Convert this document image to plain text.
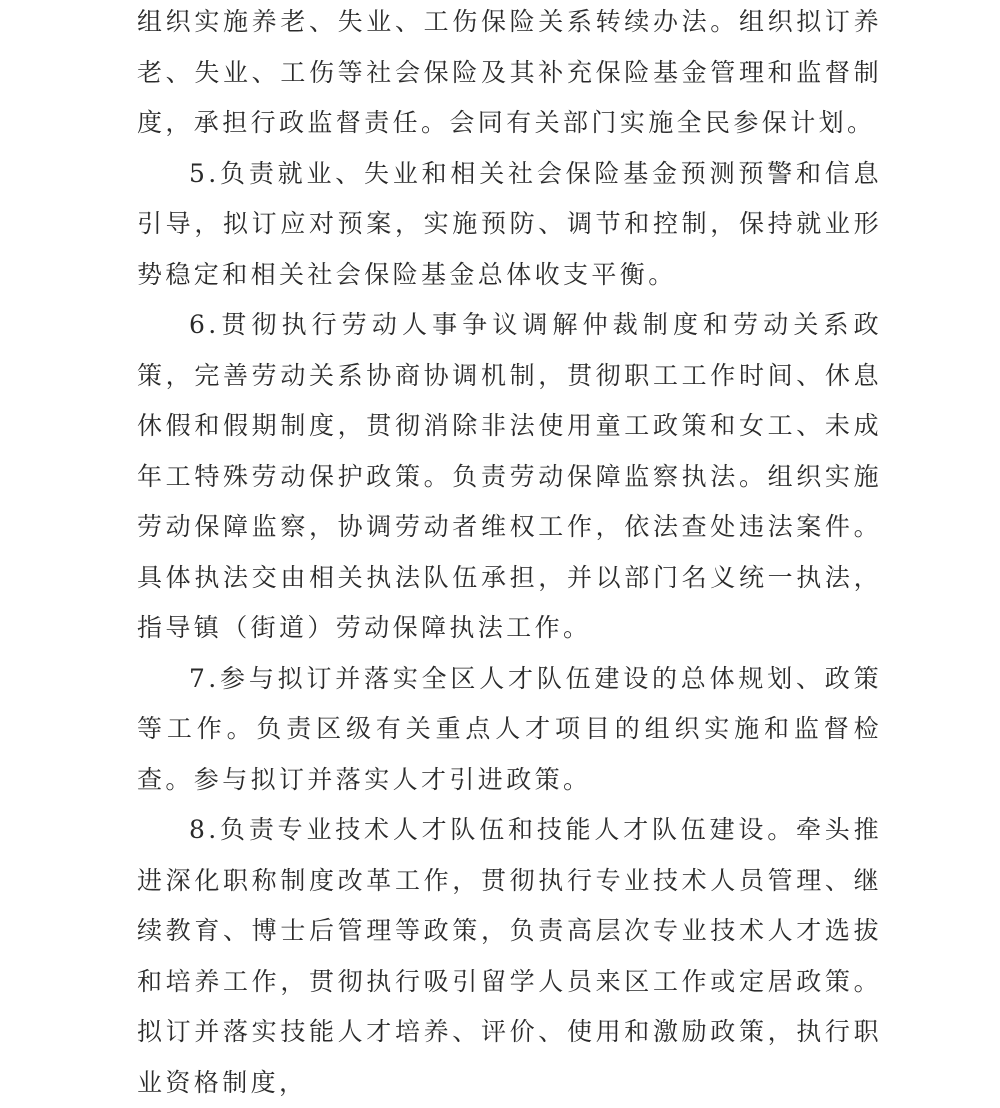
组织实施养老、失业、工伤保险关系转续办法。组织拟订养老、失业、工伤等社会保险及其补充保险基金管理和监督制度，承担行政监督责任。会同有关部门实施全民参保计划。

5.负责就业、失业和相关社会保险基金预测预警和信息引导，拟订应对预案，实施预防、调节和控制，保持就业形势稳定和相关社会保险基金总体收支平衡。

6.贯彻执行劳动人事争议调解仲裁制度和劳动关系政策，完善劳动关系协商协调机制，贯彻职工工作时间、休息休假和假期制度，贯彻消除非法使用童工政策和女工、未成年工特殊劳动保护政策。负责劳动保障监察执法。组织实施劳动保障监察，协调劳动者维权工作，依法查处违法案件。具体执法交由相关执法队伍承担，并以部门名义统一执法，指导镇（街道）劳动保障执法工作。

7.参与拟订并落实全区人才队伍建设的总体规划、政策等工作。负责区级有关重点人才项目的组织实施和监督检查。参与拟订并落实人才引进政策。

8.负责专业技术人才队伍和技能人才队伍建设。牵头推进深化职称制度改革工作，贯彻执行专业技术人员管理、继续教育、博士后管理等政策，负责高层次专业技术人才选拔和培养工作，贯彻执行吸引留学人员来区工作或定居政策。拟订并落实技能人才培养、评价、使用和激励政策，执行职业资格制度，
